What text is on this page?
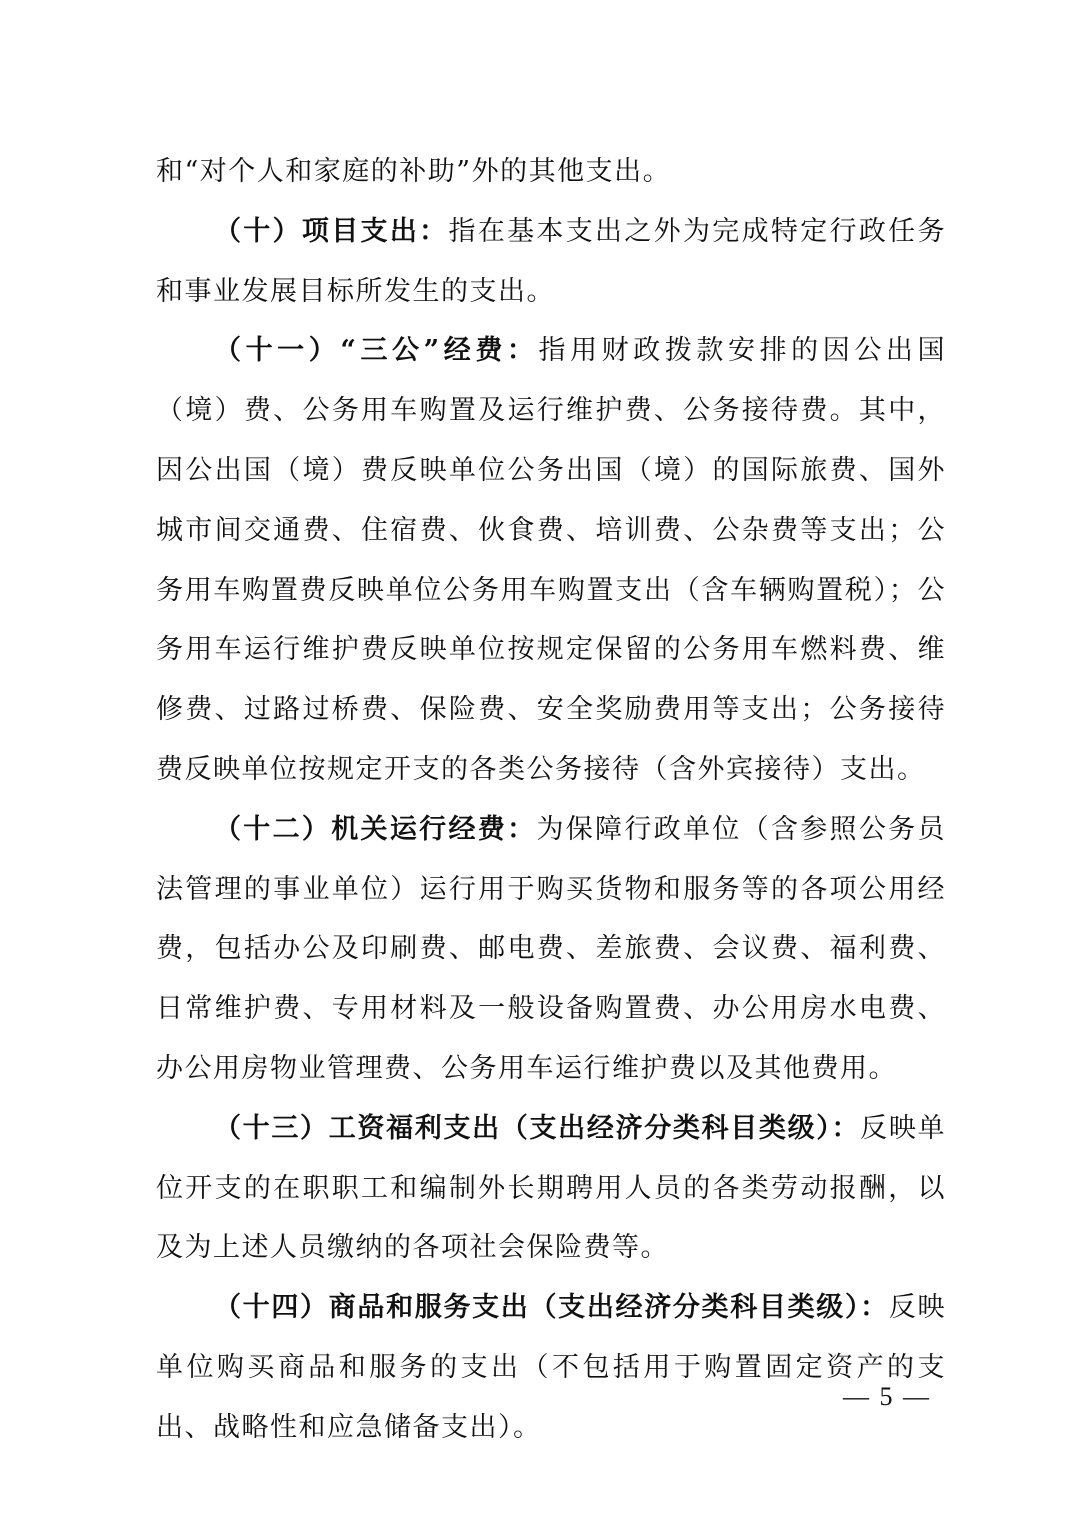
和“对个人和家庭的补助”外的其他支出。

（十）项目支出：指在基本支出之外为完成特定行政任务和事业发展目标所发生的支出。

（十一）“三公”经费：指用财政拨款安排的因公出国（境）费、公务用车购置及运行维护费、公务接待费。其中，因公出国（境）费反映单位公务出国（境）的国际旅费、国外城市间交通费、住宿费、伙食费、培训费、公杂费等支出；公务用车购置费反映单位公务用车购置支出（含车辆购置税）；公务用车运行维护费反映单位按规定保留的公务用车燃料费、维修费、过路过桥费、保险费、安全奖励费用等支出；公务接待费反映单位按规定开支的各类公务接待（含外宾接待）支出。

（十二）机关运行经费：为保障行政单位（含参照公务员法管理的事业单位）运行用于购买货物和服务等的各项公用经费，包括办公及印刷费、邮电费、差旅费、会议费、福利费、日常维护费、专用材料及一般设备购置费、办公用房水电费、办公用房物业管理费、公务用车运行维护费以及其他费用。

（十三）工资福利支出（支出经济分类科目类级）：反映单位开支的在职职工和编制外长期聘用人员的各类劳动报酬，以及为上述人员缴纳的各项社会保险费等。

（十四）商品和服务支出（支出经济分类科目类级）：反映单位购买商品和服务的支出（不包括用于购置固定资产的支出、战略性和应急储备支出）。

— 5 —
